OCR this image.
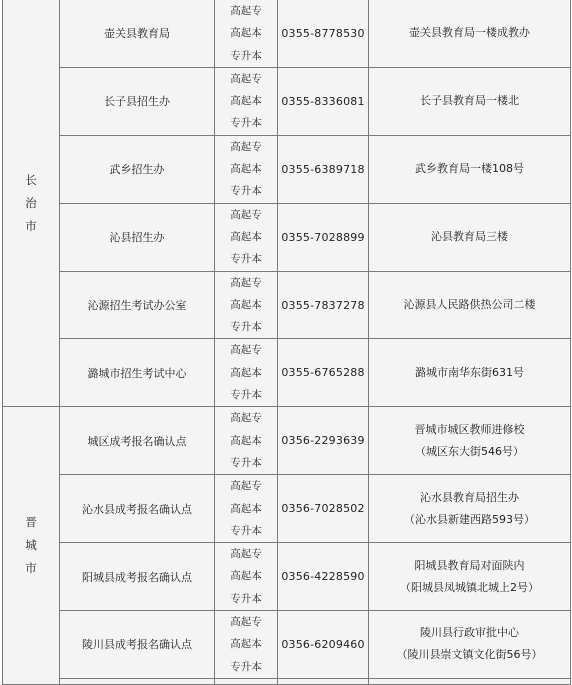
长
治
市	壶关县教育局	高起专
高起本
专升本	0355-8778530	壶关县教育局一楼成教办

	长子县招生办	高起专
高起本
专升本	0355-8336081	长子县教育局一楼北

	武乡招生办	高起专
高起本
专升本	0355-6389718	武乡教育局一楼108号

	沁县招生办	高起专
高起本
专升本	0355-7028899	沁县教育局三楼

	沁源招生考试办公室	高起专
高起本
专升本	0355-7837278	沁源县人民路供热公司二楼

	潞城市招生考试中心	高起专
高起本
专升本	0355-6765288	潞城市南华东街631号

晋
城
市	城区成考报名确认点	高起专
高起本
专升本	0356-2293639	晋城市城区教师进修校
（城区东大街546号）

	沁水县成考报名确认点	高起专
高起本
专升本	0356-7028502	沁水县教育局招生办
（沁水县新建西路593号）

	阳城县成考报名确认点	高起专
高起本
专升本	0356-4228590	阳城县教育局对面陕内
（阳城县凤城镇北城上2号）

	陵川县成考报名确认点	高起专
高起本
专升本	0356-6209460	陵川县行政审批中心
（陵川县崇文镇文化街56号）
